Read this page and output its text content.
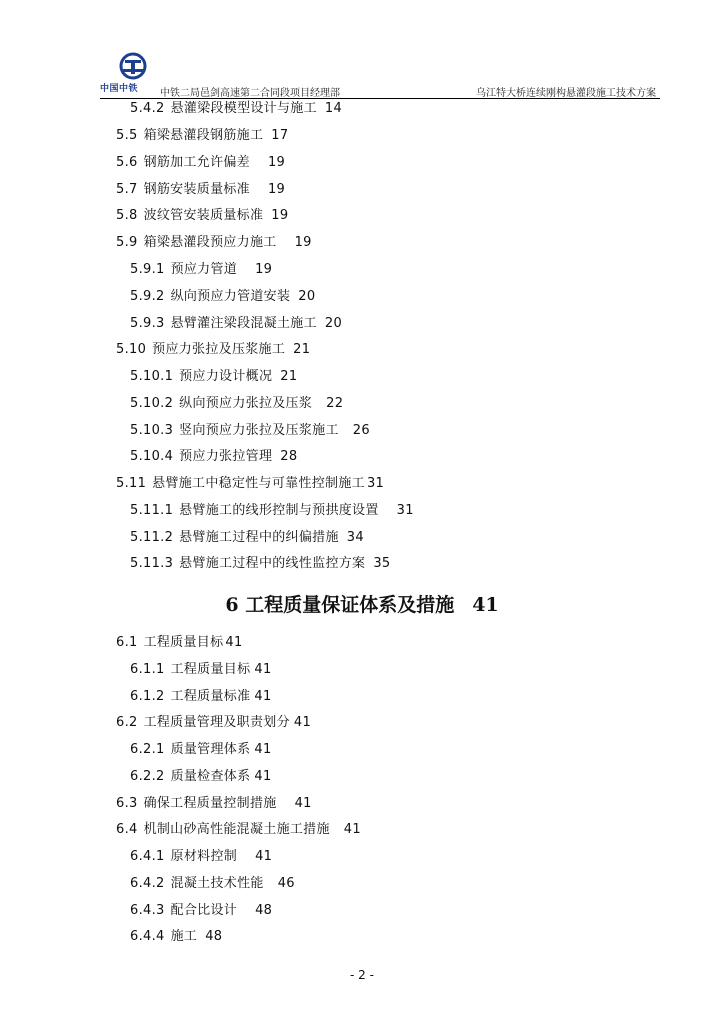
中国中铁 中铁二局邑剑高速第二合同段项目经理部	乌江特大桥连续刚构悬灌段施工技术方案
5.4.2 悬灌梁段模型设计与施工 14
5.5 箱梁悬灌段钢筋施工 17
5.6 钢筋加工允许偏差 19
5.7 钢筋安装质量标准 19
5.8 波纹管安装质量标准 19
5.9 箱梁悬灌段预应力施工 19
5.9.1 预应力管道 19
5.9.2 纵向预应力管道安装 20
5.9.3 悬臂灌注梁段混凝土施工 20
5.10 预应力张拉及压浆施工 21
5.10.1 预应力设计概况 21
5.10.2 纵向预应力张拉及压浆 22
5.10.3 竖向预应力张拉及压浆施工 26
5.10.4 预应力张拉管理 28
5.11 悬臂施工中稳定性与可靠性控制施工 31
5.11.1 悬臂施工的线形控制与预拱度设置 31
5.11.2 悬臂施工过程中的纠偏措施 34
5.11.3 悬臂施工过程中的线性监控方案 35
6 工程质量保证体系及措施 41
6.1 工程质量目标 41
6.1.1 工程质量目标 41
6.1.2 工程质量标准 41
6.2 工程质量管理及职责划分 41
6.2.1 质量管理体系 41
6.2.2 质量检查体系 41
6.3 确保工程质量控制措施 41
6.4 机制山砂高性能混凝土施工措施 41
6.4.1 原材料控制 41
6.4.2 混凝土技术性能 46
6.4.3 配合比设计 48
6.4.4 施工 48
- 2 -
